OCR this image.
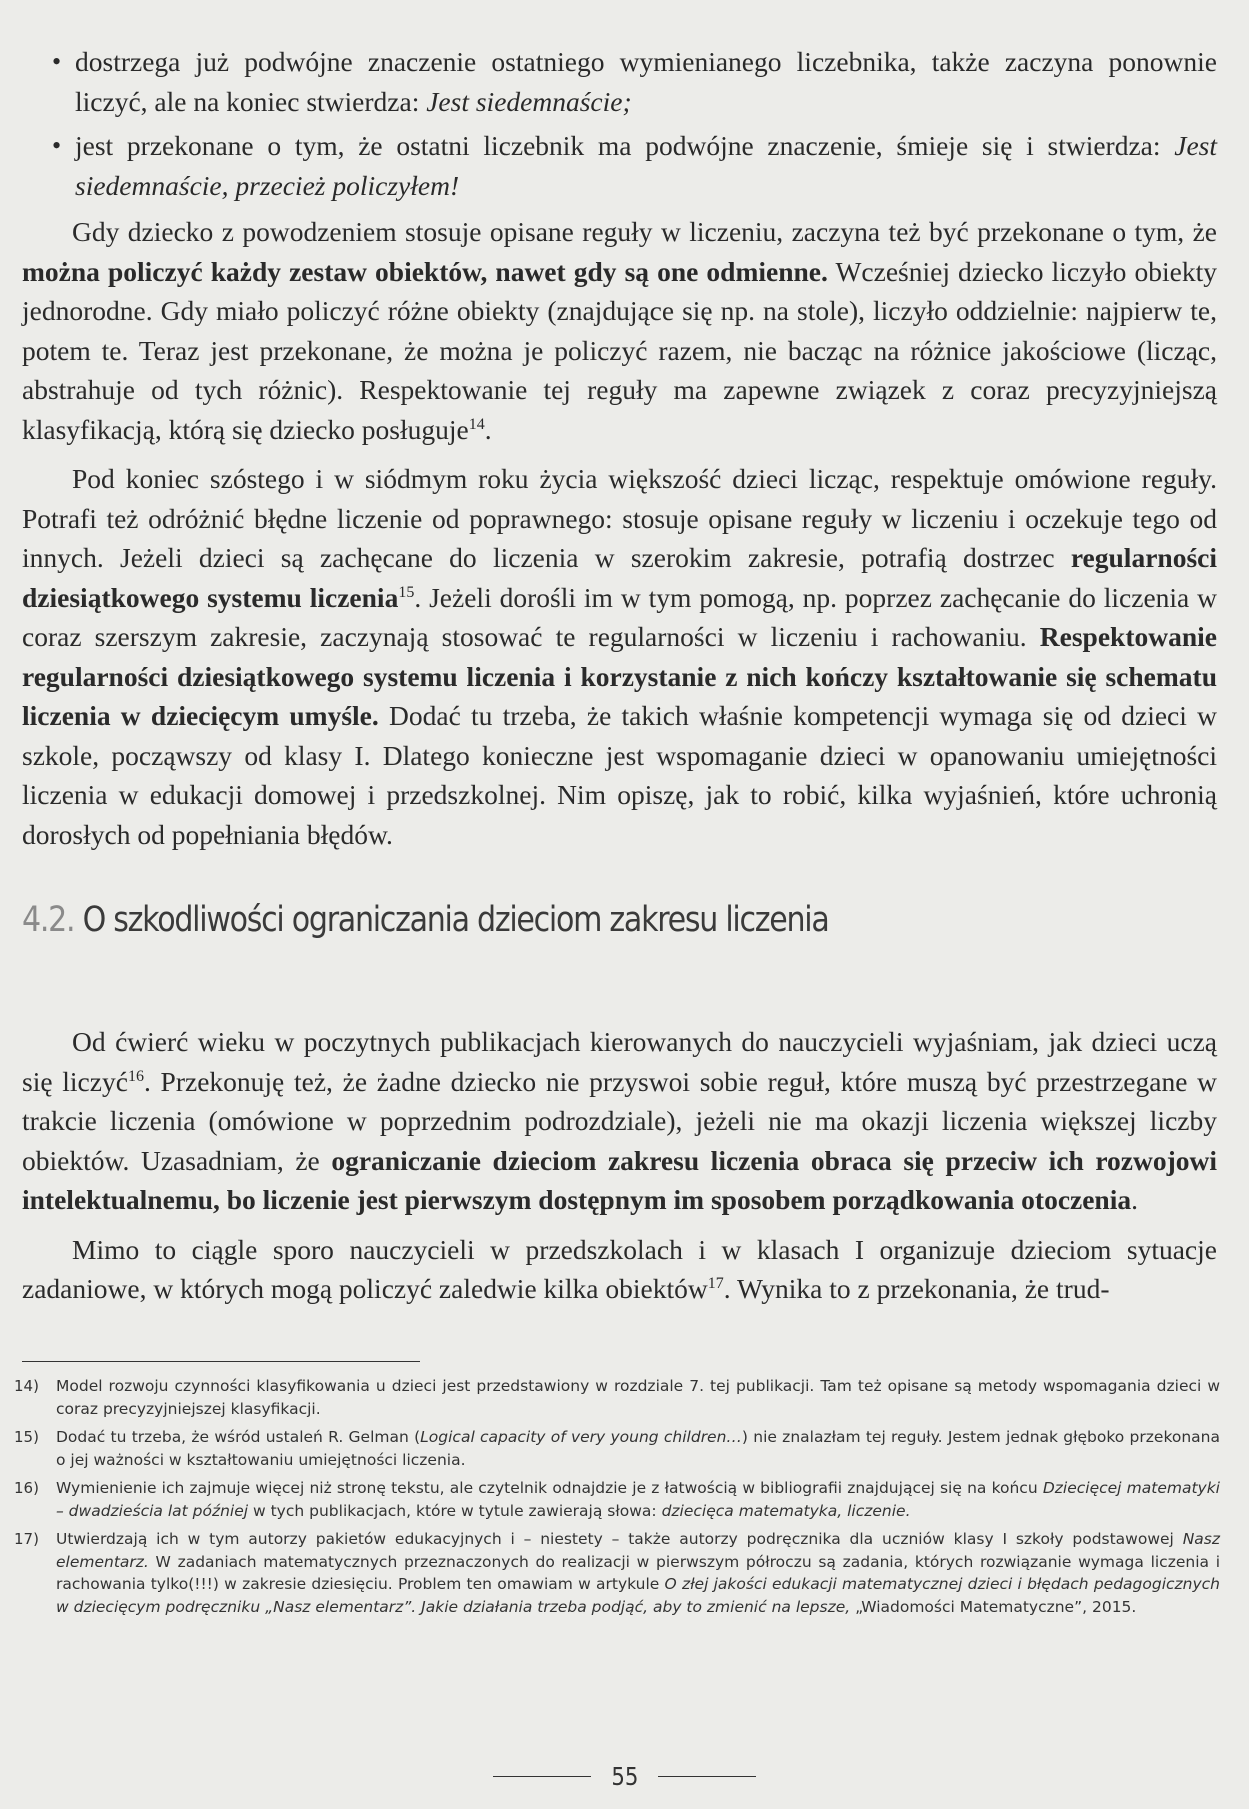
• dostrzega już podwójne znaczenie ostatniego wymienianego liczebnika, także zaczyna ponownie liczyć, ale na koniec stwierdza: Jest siedemnaście;
• jest przekonane o tym, że ostatni liczebnik ma podwójne znaczenie, śmieje się i stwierdza: Jest siedemnaście, przecież policzyłem!

Gdy dziecko z powodzeniem stosuje opisane reguły w liczeniu, zaczyna też być przekonane o tym, że można policzyć każdy zestaw obiektów, nawet gdy są one odmienne. Wcześniej dziecko liczyło obiekty jednorodne. Gdy miało policzyć różne obiekty (znajdujące się np. na stole), liczyło oddzielnie: najpierw te, potem te. Teraz jest przekonane, że można je policzyć razem, nie bacząc na różnice jakościowe (licząc, abstrahuje od tych różnic). Respektowanie tej reguły ma zapewne związek z coraz precyzyjniejszą klasyfikacją, którą się dziecko posługuje$^{14}$.

Pod koniec szóstego i w siódmym roku życia większość dzieci licząc, respektuje omówione reguły. Potrafi też odróżnić błędne liczenie od poprawnego: stosuje opisane reguły w liczeniu i oczekuje tego od innych. Jeżeli dzieci są zachęcane do liczenia w szerokim zakresie, potrafią dostrzec regularności dziesiątkowego systemu liczenia$^{15}$. Jeżeli dorośli im w tym pomogą, np. poprzez zachęcanie do liczenia w coraz szerszym zakresie, zaczynają stosować te regularności w liczeniu i rachowaniu. Respektowanie regularności dziesiątkowego systemu liczenia i korzystanie z nich kończy kształtowanie się schematu liczenia w dziecięcym umyśle. Dodać tu trzeba, że takich właśnie kompetencji wymaga się od dzieci w szkole, począwszy od klasy I. Dlatego konieczne jest wspomaganie dzieci w opanowaniu umiejętności liczenia w edukacji domowej i przedszkolnej. Nim opiszę, jak to robić, kilka wyjaśnień, które uchronią dorosłych od popełniania błędów.

4.2. O szkodliwości ograniczania dzieciom zakresu liczenia

Od ćwierć wieku w poczytnych publikacjach kierowanych do nauczycieli wyjaśniam, jak dzieci uczą się liczyć$^{16}$. Przekonuję też, że żadne dziecko nie przyswoi sobie reguł, które muszą być przestrzegane w trakcie liczenia (omówione w poprzednim podrozdziale), jeżeli nie ma okazji liczenia większej liczby obiektów. Uzasadniam, że ograniczanie dzieciom zakresu liczenia obraca się przeciw ich rozwojowi intelektualnemu, bo liczenie jest pierwszym dostępnym im sposobem porządkowania otoczenia.

Mimo to ciągle sporo nauczycieli w przedszkolach i w klasach I organizuje dzieciom sytuacje zadaniowe, w których mogą policzyć zaledwie kilka obiektów$^{17}$. Wynika to z przekonania, że trud-

14)	Model rozwoju czynności klasyfikowania u dzieci jest przedstawiony w rozdziale 7. tej publikacji. Tam też opisane są metody wspomagania dzieci w coraz precyzyjniejszej klasyfikacji.
15)	Dodać tu trzeba, że wśród ustaleń R. Gelman (Logical capacity of very young children…) nie znalazłam tej reguły. Jestem jednak głęboko przekonana o jej ważności w kształtowaniu umiejętności liczenia.
16)	Wymienienie ich zajmuje więcej niż stronę tekstu, ale czytelnik odnajdzie je z łatwością w bibliografii znajdującej się na końcu Dziecięcej matematyki – dwadzieścia lat później w tych publikacjach, które w tytule zawierają słowa: dziecięca matematyka, liczenie.
17)	Utwierdzają ich w tym autorzy pakietów edukacyjnych i – niestety – także autorzy podręcznika dla uczniów klasy I szkoły podstawowej Nasz elementarz. W zadaniach matematycznych przeznaczonych do realizacji w pierwszym półroczu są zadania, których rozwiązanie wymaga liczenia i rachowania tylko(!!!) w zakresie dziesięciu. Problem ten omawiam w artykule O złej jakości edukacji matematycznej dzieci i błędach pedagogicznych w dziecięcym podręczniku „Nasz elementarz”. Jakie działania trzeba podjąć, aby to zmienić na lepsze, „Wiadomości Matematyczne”, 2015.
55
